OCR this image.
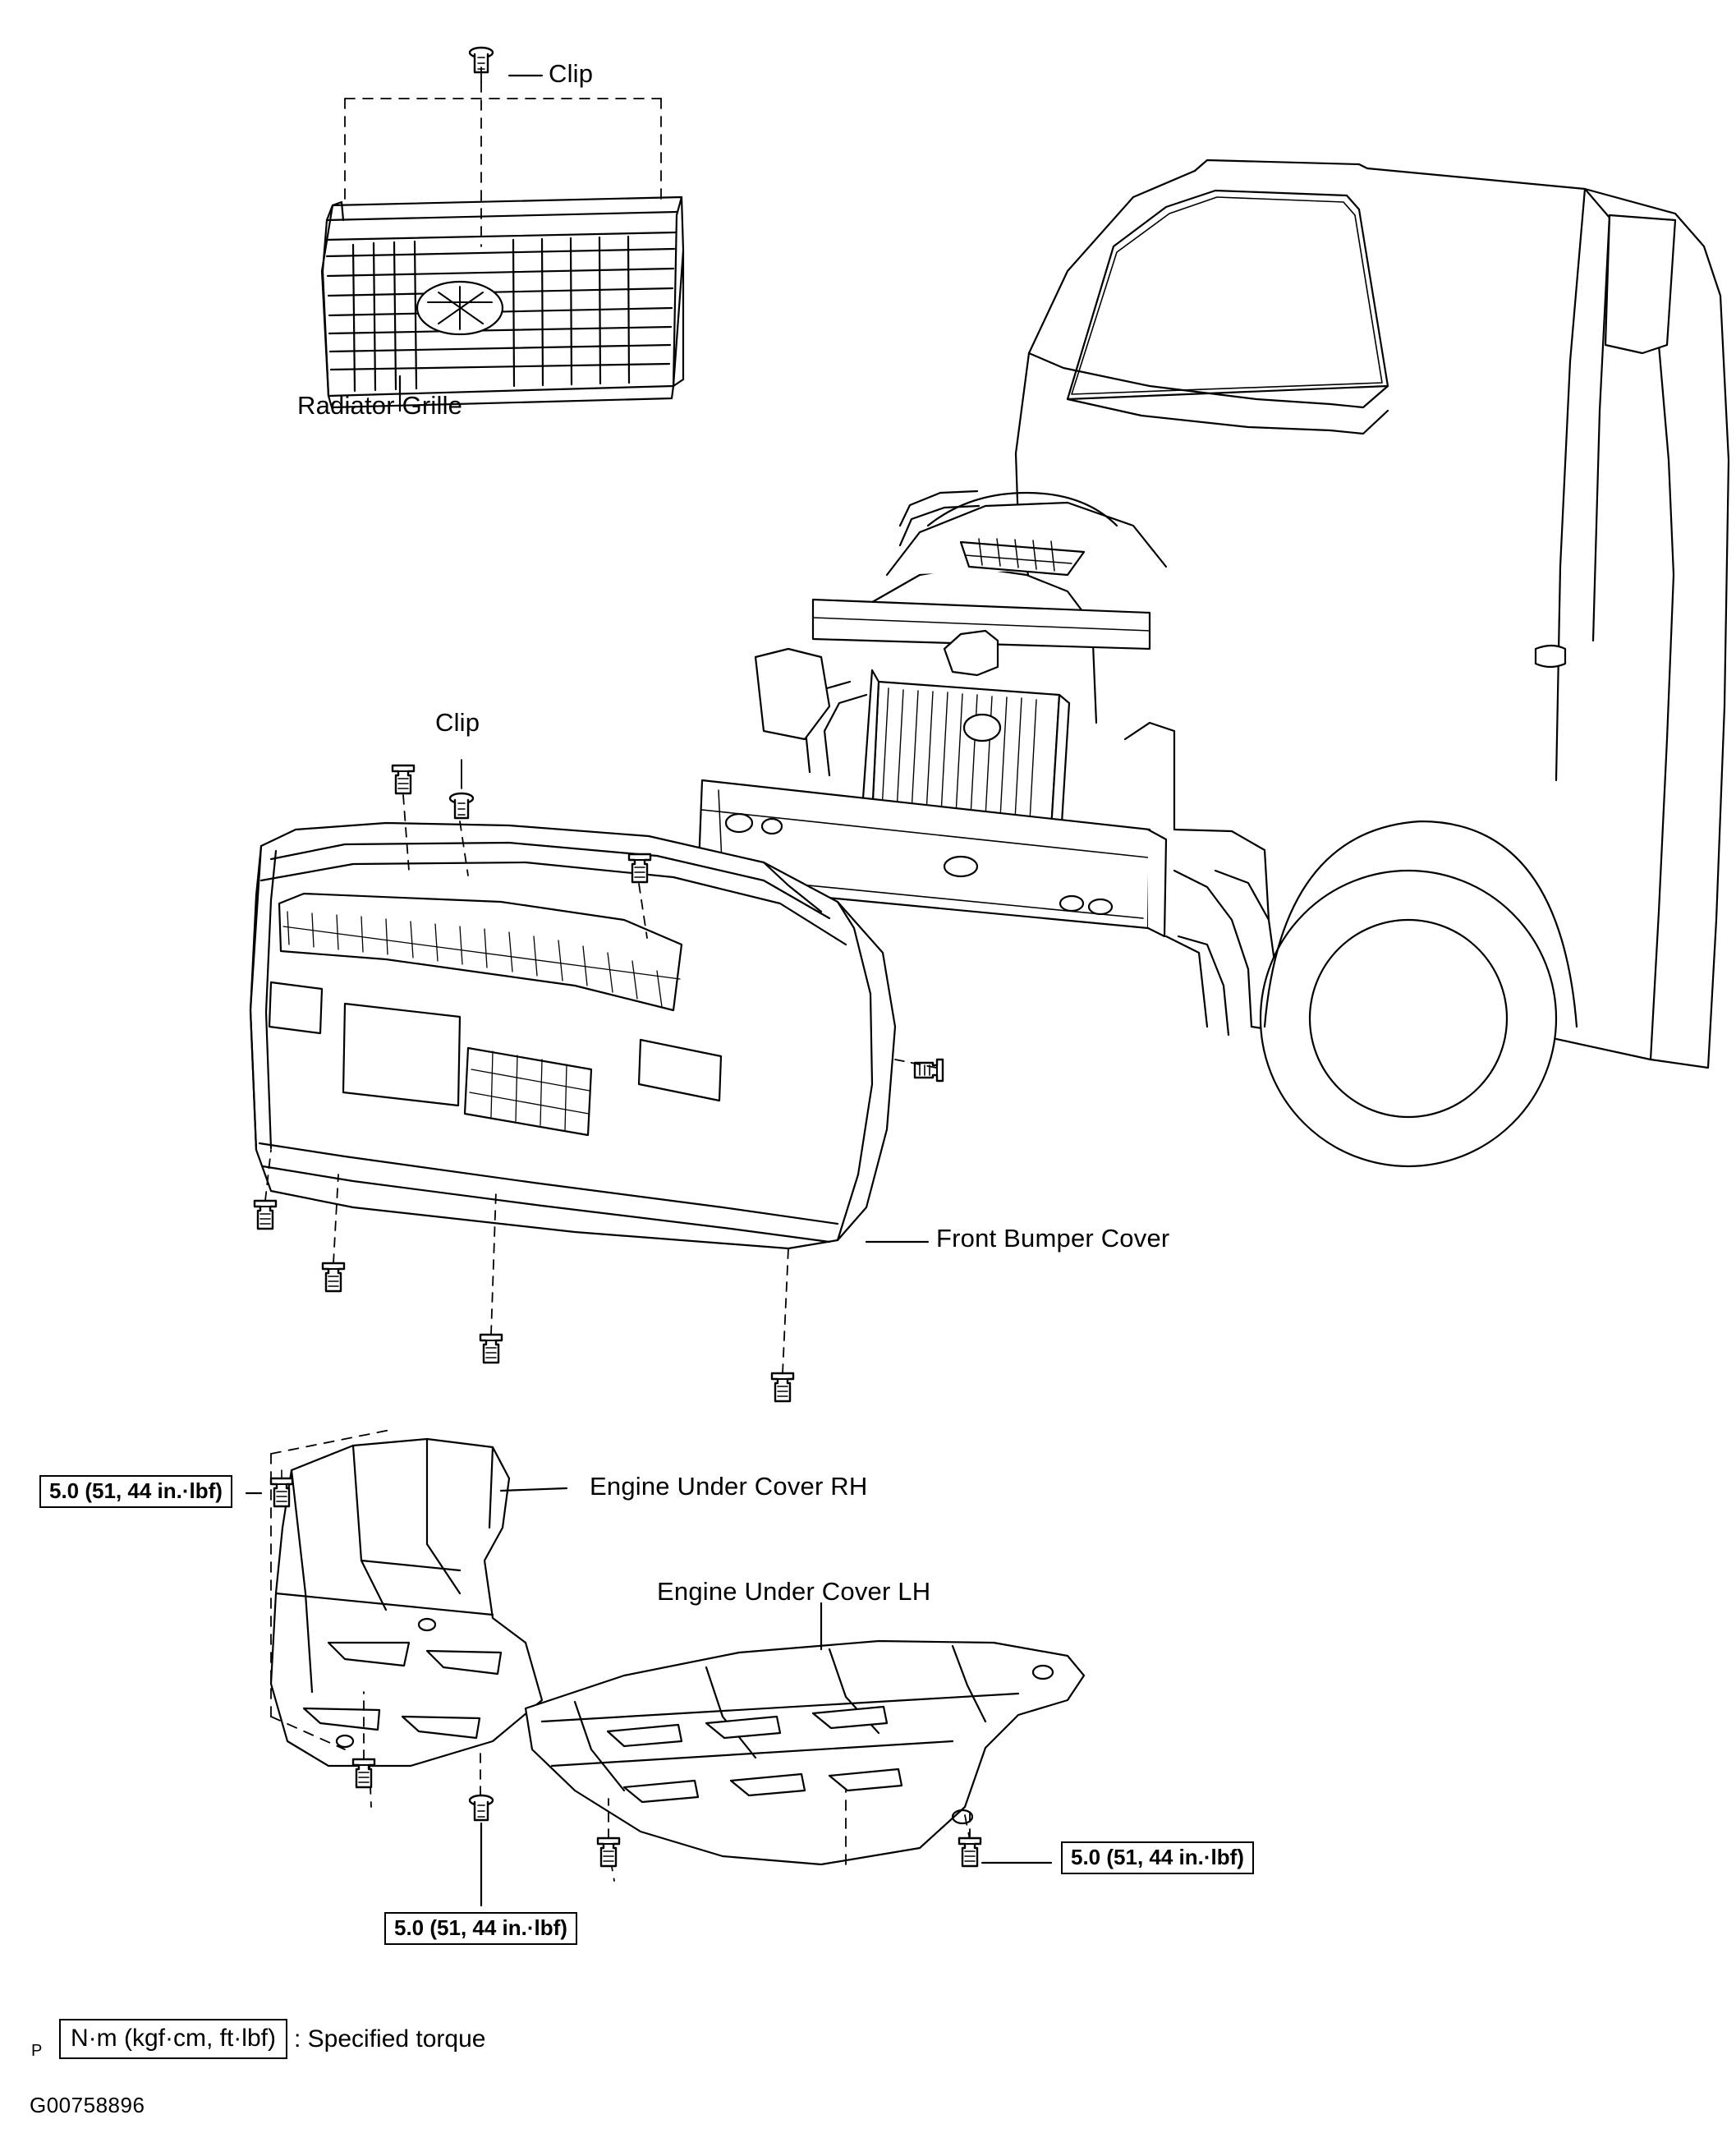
Clip
Radiator Grille
Clip
Front Bumper Cover
Engine Under Cover RH
Engine Under Cover LH
5.0 (51, 44 in.·lbf)
5.0 (51, 44 in.·lbf)
5.0 (51, 44 in.·lbf)
N·m (kgf·cm, ft·lbf) : Specified torque
P
G00758896
